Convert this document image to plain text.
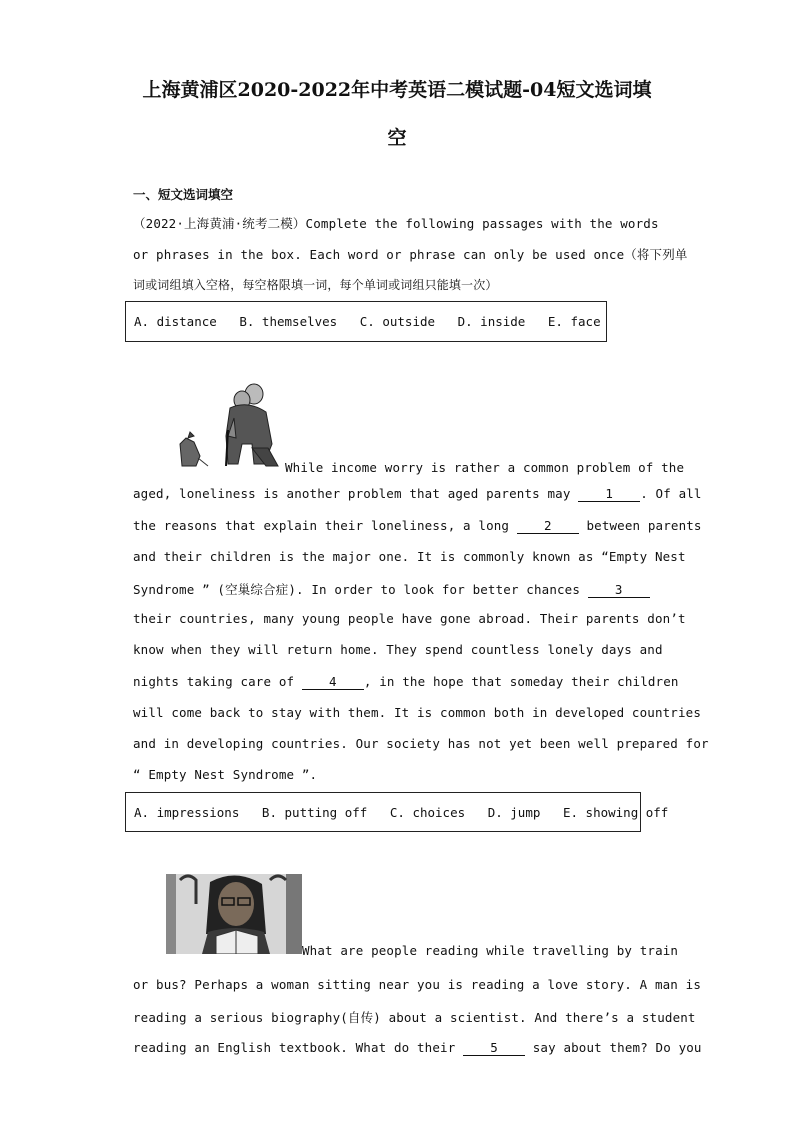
上海黄浦区2020-2022年中考英语二模试题-04短文选词填
空
一、短文选词填空
（2022·上海黄浦·统考二模）Complete the following passages with the words
or phrases in the box. Each word or phrase can only be used once（将下列单
词或词组填入空格，每空格限填一词，每个单词或词组只能填一次）
A. distance   B. themselves   C. outside   D. inside   E. face
While income worry is rather a common problem of the
aged, loneliness is another problem that aged parents may 1 . Of all
the reasons that explain their loneliness, a long 2 between parents
and their children is the major one. It is commonly known as “Empty Nest
Syndrome ” (空巢综合症). In order to look for better chances 3
their countries, many young people have gone abroad. Their parents don’t
know when they will return home. They spend countless lonely days and
nights taking care of 4 , in the hope that someday their children
will come back to stay with them. It is common both in developed countries
and in developing countries. Our society has not yet been well prepared for
“ Empty Nest Syndrome ”.
A. impressions   B. putting off   C. choices   D. jump   E. showing off
What are people reading while travelling by train
or bus? Perhaps a woman sitting near you is reading a love story. A man is
reading a serious biography(自传) about a scientist. And there’s a student
reading an English textbook. What do their 5 say about them? Do you
